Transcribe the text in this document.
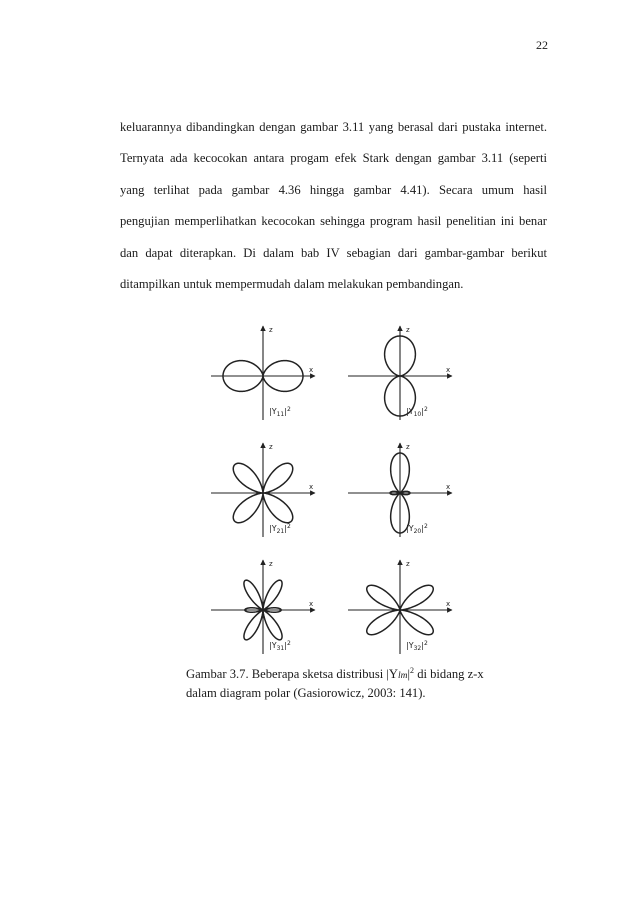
22
keluarannya dibandingkan dengan gambar 3.11 yang berasal dari pustaka internet.
Ternyata ada kecocokan antara progam efek Stark dengan gambar 3.11 (seperti
yang terlihat pada gambar 4.36 hingga gambar 4.41). Secara umum hasil
pengujian memperlihatkan kecocokan sehingga program hasil penelitian ini benar
dan dapat diterapkan. Di dalam bab IV sebagian dari gambar-gambar berikut
ditampilkan untuk mempermudah dalam melakukan pembandingan.
z
x
$|Y_{11}|^2$
z
x
$|Y_{10}|^2$
z
x
$|Y_{21}|^2$
z
x
$|Y_{20}|^2$
z
x
$|Y_{31}|^2$
z
x
$|Y_{32}|^2$
Gambar 3.7. Beberapa sketsa distribusi $|Ylm|^2$ di bidang z-x
dalam diagram polar (Gasiorowicz, 2003: 141).
